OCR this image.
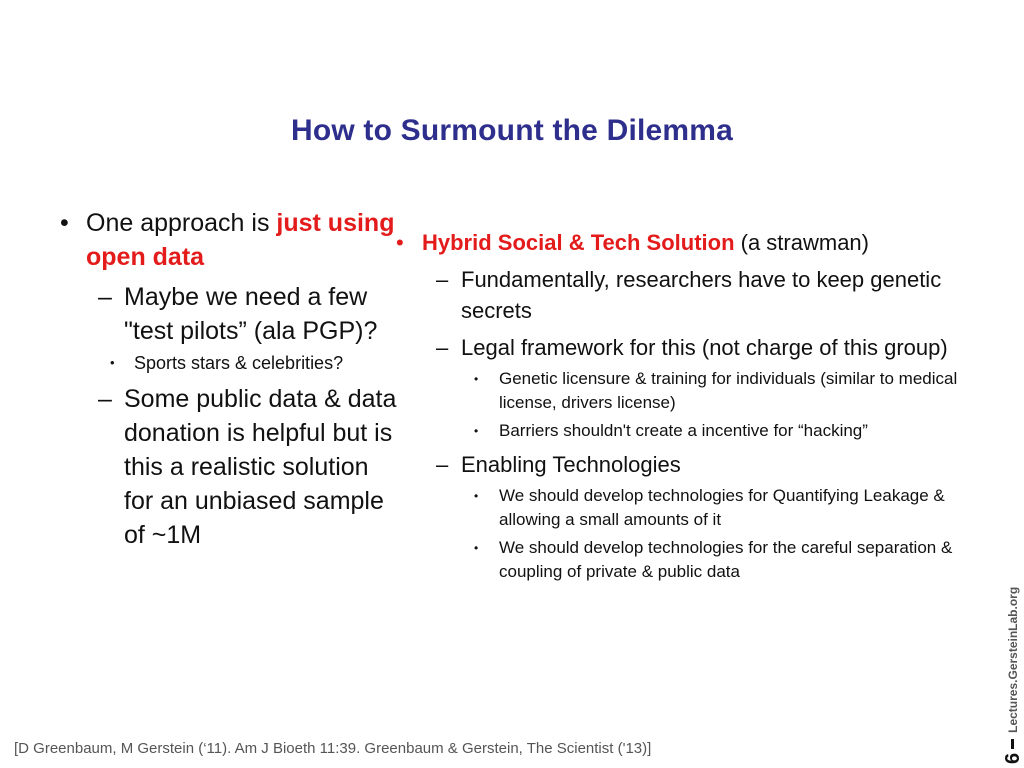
How to Surmount the Dilemma
• One approach is just using open data
– Maybe we need a few "test pilots” (ala PGP)?
• Sports stars & celebrities?
– Some public data & data donation is helpful but is this a realistic solution for an unbiased sample of ~1M
• Hybrid Social & Tech Solution (a strawman)
– Fundamentally, researchers have to keep genetic secrets
– Legal framework for this (not charge of this group)
• Genetic licensure & training for individuals (similar to medical license, drivers license)
• Barriers shouldn't create a incentive for “hacking”
– Enabling Technologies
• We should develop technologies for Quantifying Leakage & allowing a small amounts of it
• We should develop technologies for the careful separation & coupling of private & public data
[D Greenbaum, M Gerstein (‘11). Am J Bioeth 11:39. Greenbaum & Gerstein, The Scientist ('13)]
6Lectures.GersteinLab.org
